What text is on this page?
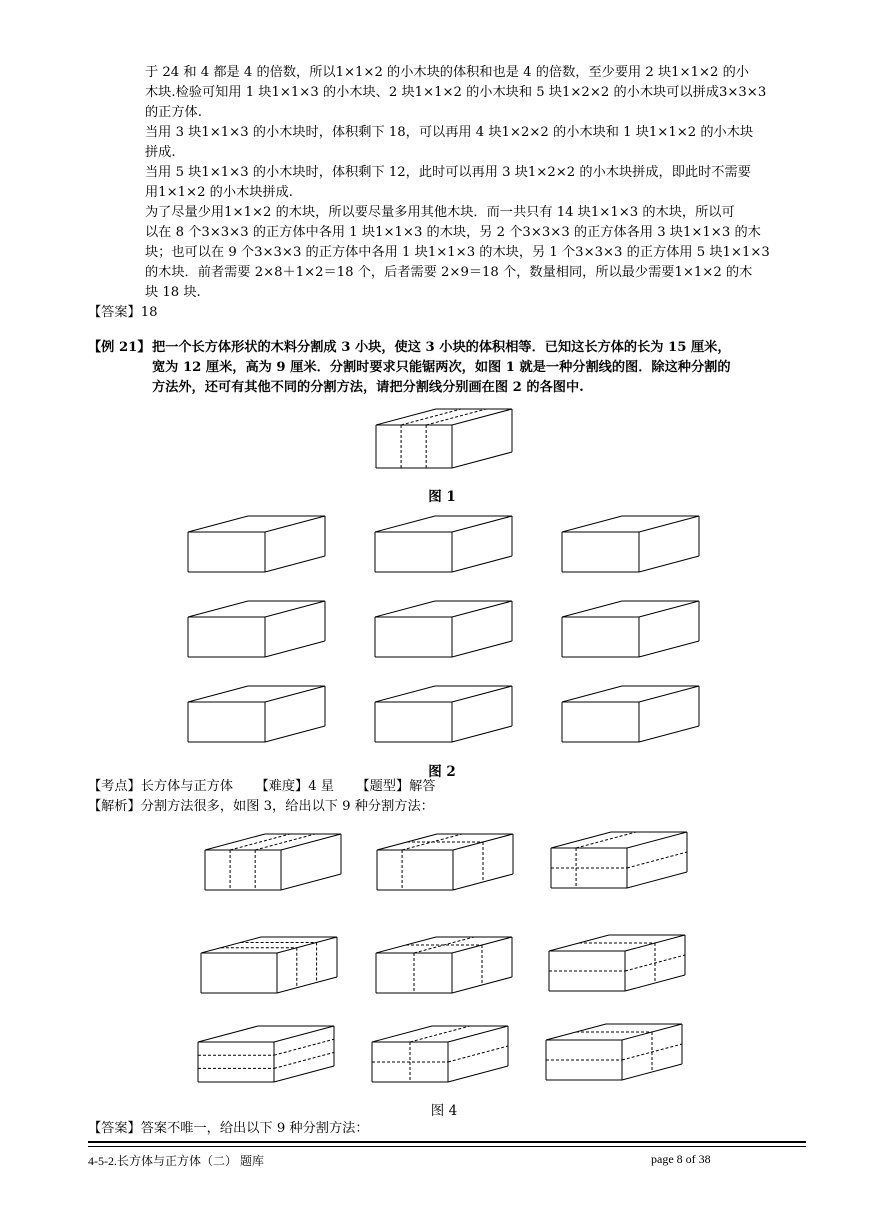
于 24 和 4 都是 4 的倍数，所以1×1×2 的小木块的体积和也是 4 的倍数，至少要用 2 块1×1×2 的小
木块.检验可知用 1 块1×1×3 的小木块、2 块1×1×2 的小木块和 5 块1×2×2 的小木块可以拼成3×3×3
的正方体.
当用 3 块1×1×3 的小木块时，体积剩下 18，可以再用 4 块1×2×2 的小木块和 1 块1×1×2 的小木块
拼成.
当用 5 块1×1×3 的小木块时，体积剩下 12，此时可以再用 3 块1×2×2 的小木块拼成，即此时不需要
用1×1×2 的小木块拼成.
为了尽量少用1×1×2 的木块，所以要尽量多用其他木块．而一共只有 14 块1×1×3 的木块，所以可
以在 8 个3×3×3 的正方体中各用 1 块1×1×3 的木块，另 2 个3×3×3 的正方体各用 3 块1×1×3 的木
块；也可以在 9 个3×3×3 的正方体中各用 1 块1×1×3 的木块，另 1 个3×3×3 的正方体用 5 块1×1×3
的木块．前者需要 2×8＋1×2＝18 个，后者需要 2×9＝18 个，数量相同，所以最少需要1×1×2 的木
块 18 块.
【答案】18
【例 21】 把一个长方体形状的木料分割成 3 小块，使这 3 小块的体积相等．已知这长方体的长为 15 厘米，
宽为 12 厘米，高为 9 厘米．分割时要求只能锯两次，如图 1 就是一种分割线的图．除这种分割的
方法外，还可有其他不同的分割方法，请把分割线分别画在图 2 的各图中.
图 1
图 2
【考点】长方体与正方体 【难度】4 星 【题型】解答
【解析】分割方法很多，如图 3，给出以下 9 种分割方法：
图 4
【答案】答案不唯一，给出以下 9 种分割方法：
4-5-2.长方体与正方体（二） 题库	page 8 of 38
